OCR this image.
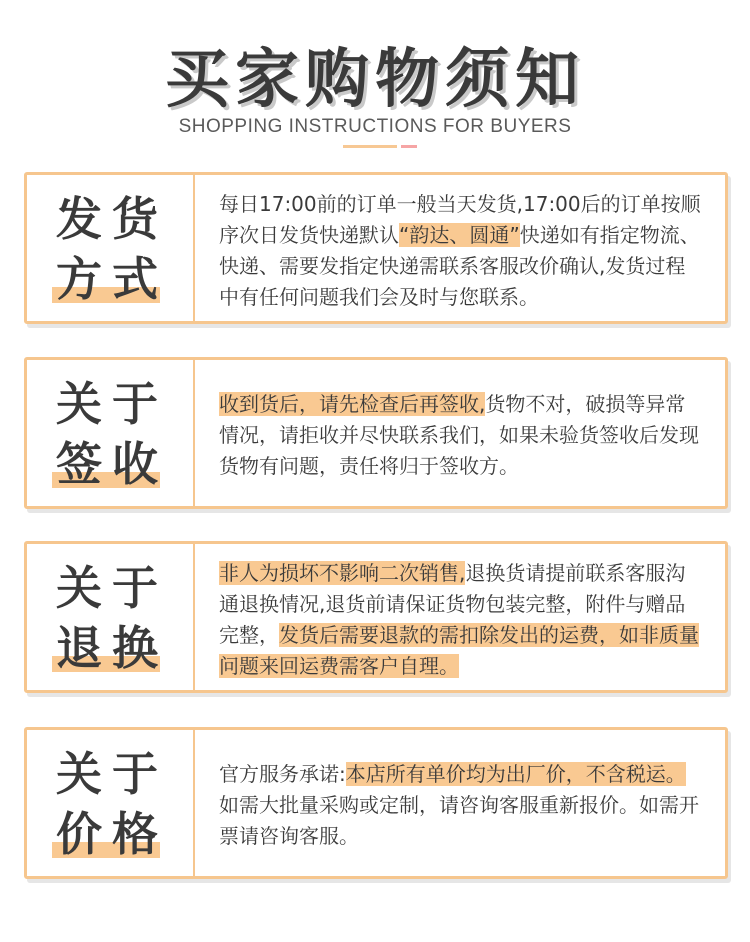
买家购物须知
SHOPPING INSTRUCTIONS FOR BUYERS
发货
方式
每日17:00前的订单一般当天发货,17:00后的订单按顺序次日发货快递默认“韵达、圆通”快递如有指定物流、快递、需要发指定快递需联系客服改价确认,发货过程中有任何问题我们会及时与您联系。
关于
签收
收到货后，请先检查后再签收,货物不对，破损等异常情况，请拒收并尽快联系我们，如果未验货签收后发现货物有问题，责任将归于签收方。
关于
退换
非人为损坏不影响二次销售,退换货请提前联系客服沟通退换情况,退货前请保证货物包装完整，附件与赠品完整，发货后需要退款的需扣除发出的运费，如非质量问题来回运费需客户自理。
关于
价格
官方服务承诺:本店所有单价均为出厂价，不含税运。如需大批量采购或定制，请咨询客服重新报价。如需开票请咨询客服。
